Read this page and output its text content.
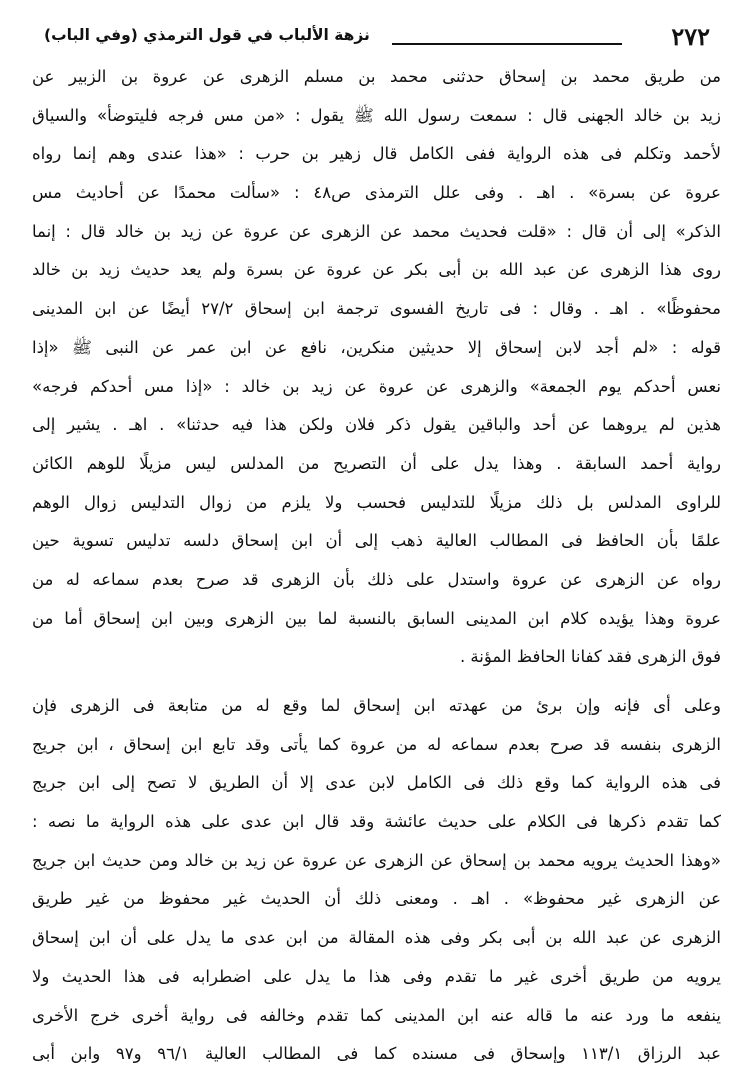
٢٧٢
نزهة الألباب في قول الترمذي (وفي الباب)
من طريق محمد بن إسحاق حدثنى محمد بن مسلم الزهرى عن عروة بن الزبير عن
زيد بن خالد الجهنى قال : سمعت رسول الله ﷺ يقول : «من مس فرجه فليتوضأ» والسياق
لأحمد وتكلم فى هذه الرواية ففى الكامل قال زهير بن حرب : «هذا عندى وهم إنما رواه
عروة عن بسرة» . اهـ . وفى علل الترمذى ص٤٨ : «سألت محمدًا عن أحاديث مس
الذكر» إلى أن قال : «قلت فحديث محمد عن الزهرى عن عروة عن زيد بن خالد قال : إنما
روى هذا الزهرى عن عبد الله بن أبى بكر عن عروة عن بسرة ولم يعد حديث زيد بن خالد
محفوظًا» . اهـ . وقال : فى تاريخ الفسوى ترجمة ابن إسحاق ٢٧/٢ أيضًا عن ابن المدينى
قوله : «لم أجد لابن إسحاق إلا حديثين منكرين، نافع عن ابن عمر عن النبى ﷺ «إذا
نعس أحدكم يوم الجمعة» والزهرى عن عروة عن زيد بن خالد : «إذا مس أحدكم فرجه»
هذين لم يروهما عن أحد والباقين يقول ذكر فلان ولكن هذا فيه حدثنا» . اهـ . يشير إلى
رواية أحمد السابقة . وهذا يدل على أن التصريح من المدلس ليس مزيلًا للوهم الكائن
للراوى المدلس بل ذلك مزيلًا للتدليس فحسب ولا يلزم من زوال التدليس زوال الوهم
علمًا بأن الحافظ فى المطالب العالية ذهب إلى أن ابن إسحاق دلسه تدليس تسوية حين
رواه عن الزهرى عن عروة واستدل على ذلك بأن الزهرى قد صرح بعدم سماعه له من
عروة وهذا يؤيده كلام ابن المدينى السابق بالنسبة لما بين الزهرى وبين ابن إسحاق أما من
فوق الزهرى فقد كفانا الحافظ المؤنة .
وعلى أى فإنه وإن برئ من عهدته ابن إسحاق لما وقع له من متابعة فى الزهرى فإن
الزهرى بنفسه قد صرح بعدم سماعه له من عروة كما يأتى وقد تابع ابن إسحاق ، ابن جريج
فى هذه الرواية كما وقع ذلك فى الكامل لابن عدى إلا أن الطريق لا تصح إلى ابن جريج
كما تقدم ذكرها فى الكلام على حديث عائشة وقد قال ابن عدى على هذه الرواية ما نصه :
«وهذا الحديث يرويه محمد بن إسحاق عن الزهرى عن عروة عن زيد بن خالد ومن حديث ابن جريج
عن الزهرى غير محفوظ» . اهـ . ومعنى ذلك أن الحديث غير محفوظ من غير طريق
الزهرى عن عبد الله بن أبى بكر وفى هذه المقالة من ابن عدى ما يدل على أن ابن إسحاق
يرويه من طريق أخرى غير ما تقدم وفى هذا ما يدل على اضطرابه فى هذا الحديث ولا
ينفعه ما ورد عنه ما قاله عنه ابن المدينى كما تقدم وخالفه فى رواية أخرى خرج الأخرى
عبد الرزاق ١١٣/١ وإسحاق فى مسنده كما فى المطالب العالية ٩٦/١ و٩٧ وابن أبى
